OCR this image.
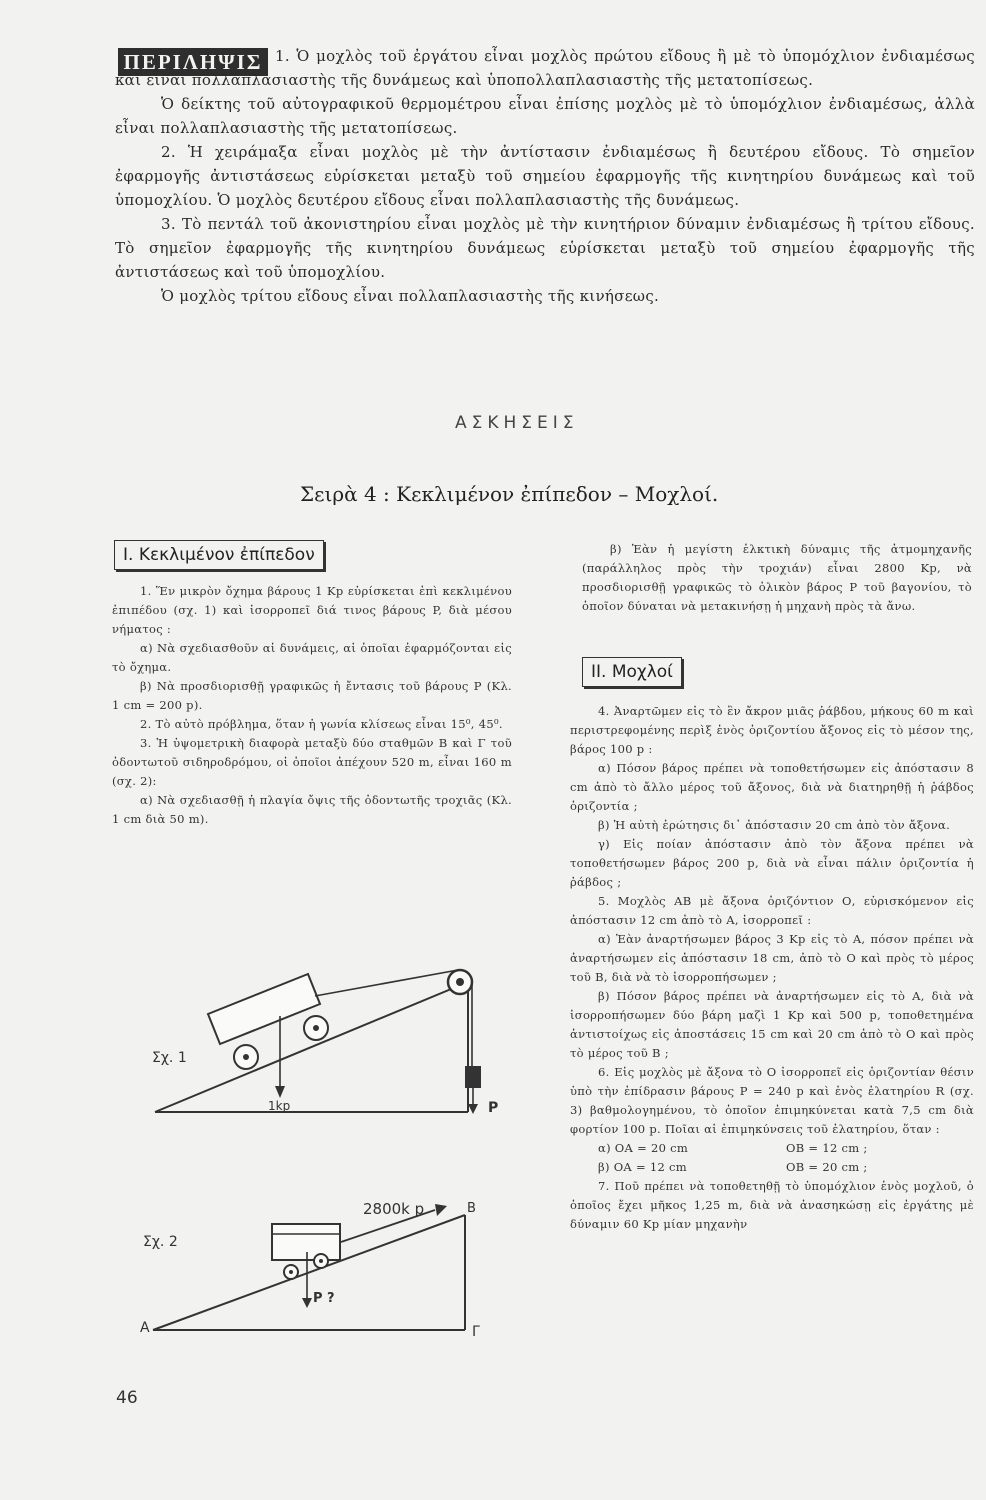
ΠΕΡΙΛΗΨΙΣ 1. Ὁ μοχλὸς τοῦ ἐργάτου εἶναι μοχλὸς πρώτου εἴδους ἢ μὲ τὸ ὑπομόχλιον ἐνδιαμέσως καὶ εἶναι πολλαπλασιαστὴς τῆς δυνάμεως καὶ ὑποπολλαπλασιαστὴς τῆς μετατοπίσεως.

Ὁ δείκτης τοῦ αὐτογραφικοῦ θερμομέτρου εἶναι ἐπίσης μοχλὸς μὲ τὸ ὑπομόχλιον ἐνδιαμέσως, ἀλλὰ εἶναι πολλαπλασιαστὴς τῆς μετατοπίσεως.

2. Ἡ χειράμαξα εἶναι μοχλὸς μὲ τὴν ἀντίστασιν ἐνδιαμέσως ἢ δευτέρου εἴδους. Τὸ σημεῖον ἐφαρμογῆς ἀντιστάσεως εὑρίσκεται μεταξὺ τοῦ σημείου ἐφαρμογῆς τῆς κινητηρίου δυνάμεως καὶ τοῦ ὑπομοχλίου. Ὁ μοχλὸς δευτέρου εἴδους εἶναι πολλαπλασιαστὴς τῆς δυνάμεως.

3. Τὸ πεντάλ τοῦ ἀκονιστηρίου εἶναι μοχλὸς μὲ τὴν κινητήριον δύναμιν ἐνδιαμέσως ἢ τρίτου εἴδους. Τὸ σημεῖον ἐφαρμογῆς τῆς κινητηρίου δυνάμεως εὑρίσκεται μεταξὺ τοῦ σημείου ἐφαρμογῆς τῆς ἀντιστάσεως καὶ τοῦ ὑπομοχλίου.

Ὁ μοχλὸς τρίτου εἴδους εἶναι πολλαπλασιαστὴς τῆς κινήσεως.

ΑΣΚΗΣΕΙΣ
Σειρὰ 4 : Κεκλιμένον ἐπίπεδον – Μοχλοί.
Ι. Κεκλιμένον ἐπίπεδον

1. Ἕν μικρὸν ὄχημα βάρους 1 Kp εὑρίσκεται ἐπὶ κεκλιμένου ἐπιπέδου (σχ. 1) καὶ ἰσορροπεῖ διά τινος βάρους P, διὰ μέσου νήματος :

α) Νὰ σχεδιασθοῦν αἱ δυνάμεις, αἱ ὁποῖαι ἐφαρμόζονται εἰς τὸ ὄχημα.

β) Νὰ προσδιορισθῇ γραφικῶς ἡ ἔντασις τοῦ βάρους P (Κλ. 1 cm = 200 p).

2. Τὸ αὐτὸ πρόβλημα, ὅταν ἡ γωνία κλίσεως εἶναι 15⁰, 45⁰.

3. Ἡ ὑψομετρικὴ διαφορὰ μεταξὺ δύο σταθμῶν Β καὶ Γ τοῦ ὀδοντωτοῦ σιδηροδρόμου, οἱ ὁποῖοι ἀπέχουν 520 m, εἶναι 160 m (σχ. 2):

α) Νὰ σχεδιασθῇ ἡ πλαγία ὄψις τῆς ὀδοντωτῆς τροχιᾶς (Κλ. 1 cm διὰ 50 m).

β) Ἐὰν ἡ μεγίστη ἑλκτικὴ δύναμις τῆς ἀτμομηχανῆς (παράλληλος πρὸς τὴν τροχιάν) εἶναι 2800 Kp, νὰ προσδιορισθῇ γραφικῶς τὸ ὁλικὸν βάρος P τοῦ βαγονίου, τὸ ὁποῖον δύναται νὰ μετακινήσῃ ἡ μηχανὴ πρὸς τὰ ἄνω.

ΙΙ. Μοχλοί

4. Ἀναρτῶμεν εἰς τὸ ἓν ἄκρον μιᾶς ῥάβδου, μήκους 60 m καὶ περιστρεφομένης περὶξ ἑνὸς ὁριζοντίου ἄξονος εἰς τὸ μέσον της, βάρος 100 p :

α) Πόσον βάρος πρέπει νὰ τοποθετήσωμεν εἰς ἀπόστασιν 8 cm ἀπὸ τὸ ἄλλο μέρος τοῦ ἄξονος, διὰ νὰ διατηρηθῇ ἡ ῥάβδος ὁριζοντία ;

β) Ἡ αὐτὴ ἐρώτησις δι᾿ ἀπόστασιν 20 cm ἀπὸ τὸν ἄξονα.

γ) Εἰς ποίαν ἀπόστασιν ἀπὸ τὸν ἄξονα πρέπει νὰ τοποθετήσωμεν βάρος 200 p, διὰ νὰ εἶναι πάλιν ὁριζοντία ἡ ῥάβδος ;

5. Μοχλὸς ΑΒ μὲ ἄξονα ὁριζόντιον Ο, εὑρισκόμενον εἰς ἀπόστασιν 12 cm ἀπὸ τὸ Α, ἰσορροπεῖ :

α) Ἐὰν ἀναρτήσωμεν βάρος 3 Kp εἰς τὸ Α, πόσον πρέπει νὰ ἀναρτήσωμεν εἰς ἀπόστασιν 18 cm, ἀπὸ τὸ Ο καὶ πρὸς τὸ μέρος τοῦ Β, διὰ νὰ τὸ ἰσορροπήσωμεν ;

β) Πόσον βάρος πρέπει νὰ ἀναρτήσωμεν εἰς τὸ Α, διὰ νὰ ἰσορροπήσωμεν δύο βάρη μαζὶ 1 Kp καὶ 500 p, τοποθετημένα ἀντιστοίχως εἰς ἀποστάσεις 15 cm καὶ 20 cm ἀπὸ τὸ Ο καὶ πρὸς τὸ μέρος τοῦ Β ;

6. Εἰς μοχλὸς μὲ ἄξονα τὸ Ο ἰσορροπεῖ εἰς ὁριζοντίαν θέσιν ὑπὸ τὴν ἐπίδρασιν βάρους P = 240 p καὶ ἑνὸς ἐλατηρίου R (σχ. 3) βαθμολογημένου, τὸ ὁποῖον ἐπιμηκύνεται κατὰ 7,5 cm διὰ φορτίον 100 p. Ποῖαι αἱ ἐπιμηκύνσεις τοῦ ἐλατηρίου, ὅταν :

α) ΟΑ = 20 cm	ΟΒ = 12 cm ;
β) ΟΑ = 12 cm	ΟΒ = 20 cm ;

7. Ποῦ πρέπει νὰ τοποθετηθῇ τὸ ὑπομόχλιον ἑνὸς μοχλοῦ, ὁ ὁποῖος ἔχει μῆκος 1,25 m, διὰ νὰ ἀνασηκώσῃ εἰς ἐργάτης μὲ δύναμιν 60 Kp μίαν μηχανὴν

1kp	P
Σχ. 1
2800k p
P ?
Α
Β
Γ
Σχ. 2
46
